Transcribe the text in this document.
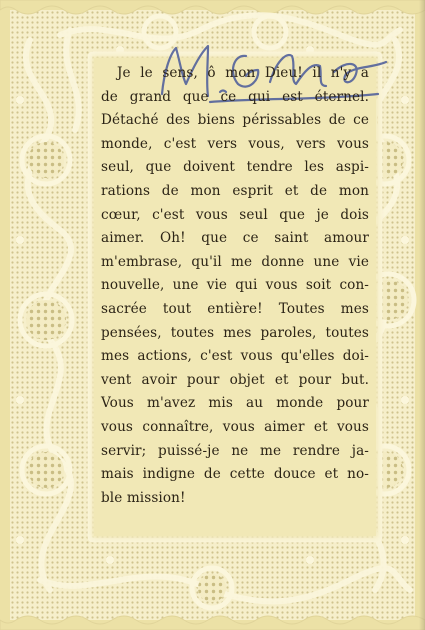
Je le sens, ô mon Dieu! il n'y a
de grand que ce qui est éternel.
Détaché des biens périssables de ce
monde, c'est vers vous, vers vous
seul, que doivent tendre les aspi-
rations de mon esprit et de mon
cœur, c'est vous seul que je dois
aimer. Oh! que ce saint amour
m'embrase, qu'il me donne une vie
nouvelle, une vie qui vous soit con-
sacrée tout entière! Toutes mes
pensées, toutes mes paroles, toutes
mes actions, c'est vous qu'elles doi-
vent avoir pour objet et pour but.
Vous m'avez mis au monde pour
vous connaître, vous aimer et vous
servir; puissé-je ne me rendre ja-
mais indigne de cette douce et no-
ble mission!
